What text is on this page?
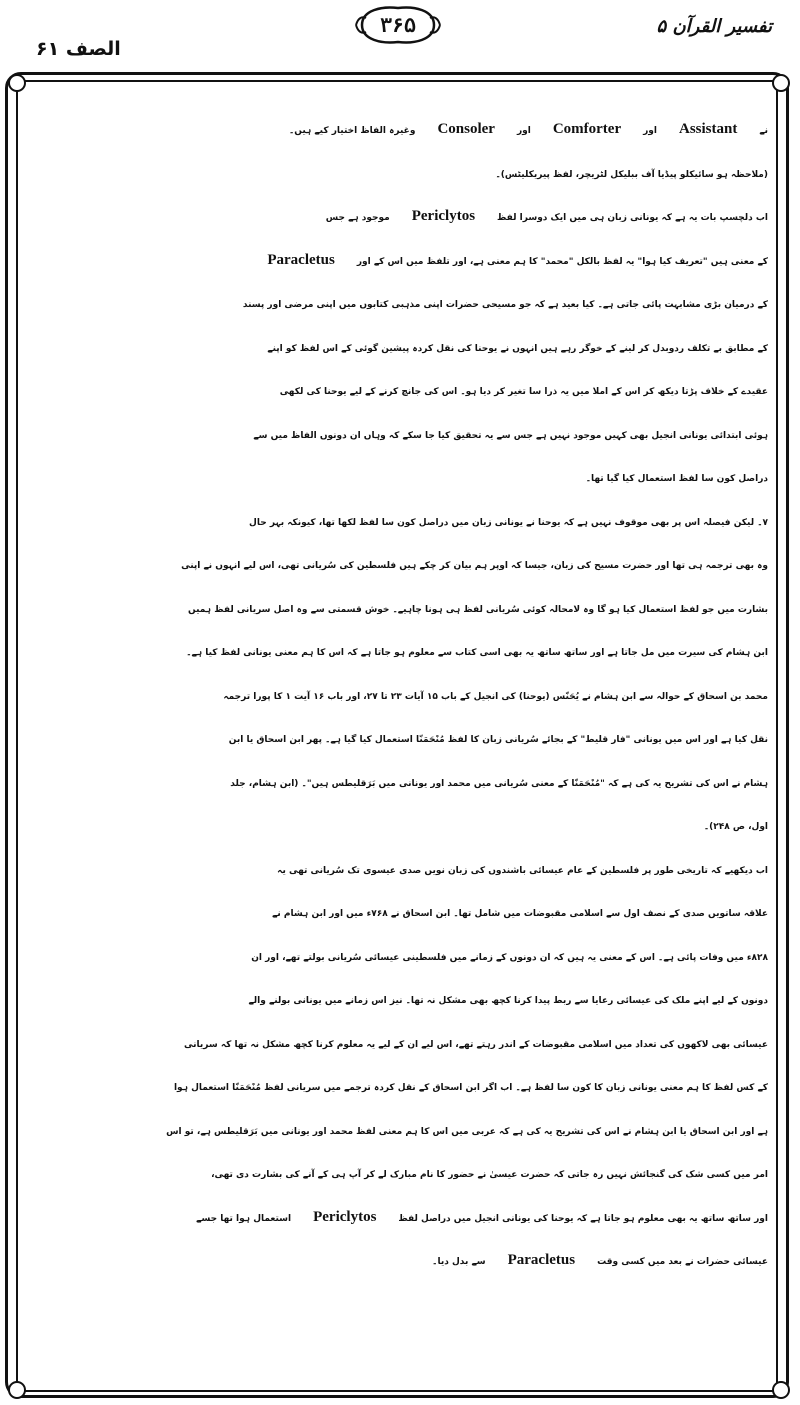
تفسیر القرآن ۵
۳۶۵
الصف ۶۱
نےAssistantاورComforterاورConsolerوغیرہ الفاظ اختیار کیے ہیں۔
(ملاحظہ ہو سائیکلو پیڈیا آف ببلیکل لٹریچر، لفظ پیریکلیٹس)۔
اب دلچسپ بات یہ ہے کہ یونانی زبان ہی میں ایک دوسرا لفظPericlytosموجود ہے جس
کے معنی ہیں "تعریف کیا ہوا" یہ لفظ بالکل "محمد" کا ہم معنی ہے، اور تلفظ میں اس کے اورParacletus
کے درمیان بڑی مشابہت پائی جاتی ہے۔ کیا بعید ہے کہ جو مسیحی حضرات اپنی مذہبی کتابوں میں اپنی مرضی اور پسند
کے مطابق بے تکلف ردوبدل کر لینے کے خوگر رہے ہیں انہوں نے یوحنا کی نقل کردہ پیشین گوئی کے اس لفظ کو اپنے
عقیدے کے خلاف پڑتا دیکھ کر اس کے املا میں یہ ذرا سا تغیر کر دیا ہو۔ اس کی جانچ کرنے کے لیے یوحنا کی لکھی
ہوئی ابتدائی یونانی انجیل بھی کہیں موجود نہیں ہے جس سے یہ تحقیق کیا جا سکے کہ وہاں ان دونوں الفاظ میں سے
دراصل کون سا لفظ استعمال کیا گیا تھا۔
۷۔ لیکن فیصلہ اس پر بھی موقوف نہیں ہے کہ یوحنا نے یونانی زبان میں دراصل کون سا لفظ لکھا تھا، کیونکہ بہر حال
وہ بھی ترجمہ ہی تھا اور حضرت مسیح کی زبان، جیسا کہ اوپر ہم بیان کر چکے ہیں فلسطین کی سُریانی تھی، اس لیے انہوں نے اپنی
بشارت میں جو لفظ استعمال کیا ہو گا وہ لامحالہ کوئی سُریانی لفظ ہی ہونا چاہیے۔ خوش قسمتی سے وہ اصل سریانی لفظ ہمیں
ابن ہشام کی سیرت میں مل جاتا ہے اور ساتھ ساتھ یہ بھی اسی کتاب سے معلوم ہو جاتا ہے کہ اس کا ہم معنی یونانی لفظ کیا ہے۔
محمد بن اسحاق کے حوالہ سے ابن ہشام نے یُحَنّس (یوحنا) کی انجیل کے باب ۱۵ آیات ۲۳ تا ۲۷، اور باب ۱۶ آیت ۱ کا پورا ترجمہ
نقل کیا ہے اور اس میں یونانی "فار قلیط" کے بجائے سُریانی زبان کا لفظ مُنْحَمَنّا استعمال کیا گیا ہے۔ پھر ابن اسحاق یا ابن
ہشام نے اس کی تشریح یہ کی ہے کہ "مُنْحَمَنّا کے معنی سُریانی میں محمد اور یونانی میں بَرَقلیطس ہیں"۔ (ابن ہشام، جلد
اول، ص ۲۴۸)۔
اب دیکھیے کہ تاریخی طور پر فلسطین کے عام عیسائی باشندوں کی زبان نویں صدی عیسوی تک سُریانی تھی یہ
علاقہ ساتویں صدی کے نصف اول سے اسلامی مقبوضات میں شامل تھا۔ ابن اسحاق نے ۷۶۸ء میں اور ابن ہشام نے
۸۲۸ء میں وفات پائی ہے۔ اس کے معنی یہ ہیں کہ ان دونوں کے زمانے میں فلسطینی عیسائی سُریانی بولتے تھے، اور ان
دونوں کے لیے اپنے ملک کی عیسائی رعایا سے ربط پیدا کرنا کچھ بھی مشکل نہ تھا۔ نیز اس زمانے میں یونانی بولنے والے
عیسائی بھی لاکھوں کی تعداد میں اسلامی مقبوضات کے اندر رہتے تھے، اس لیے ان کے لیے یہ معلوم کرنا کچھ مشکل نہ تھا کہ سریانی
کے کس لفظ کا ہم معنی یونانی زبان کا کون سا لفظ ہے۔ اب اگر ابن اسحاق کے نقل کردہ ترجمے میں سریانی لفظ مُنْحَمَنّا استعمال ہوا
ہے اور ابن اسحاق یا ابن ہشام نے اس کی تشریح یہ کی ہے کہ عربی میں اس کا ہم معنی لفظ محمد اور یونانی میں بَرَقلیطس ہے، تو اس
امر میں کسی شک کی گنجائش نہیں رہ جاتی کہ حضرت عیسیٰ نے حضور کا نام مبارک لے کر آپ ہی کے آنے کی بشارت دی تھی،
اور ساتھ ساتھ یہ بھی معلوم ہو جاتا ہے کہ یوحنا کی یونانی انجیل میں دراصل لفظPericlytosاستعمال ہوا تھا جسے
عیسائی حضرات نے بعد میں کسی وقتParacletusسے بدل دیا۔
